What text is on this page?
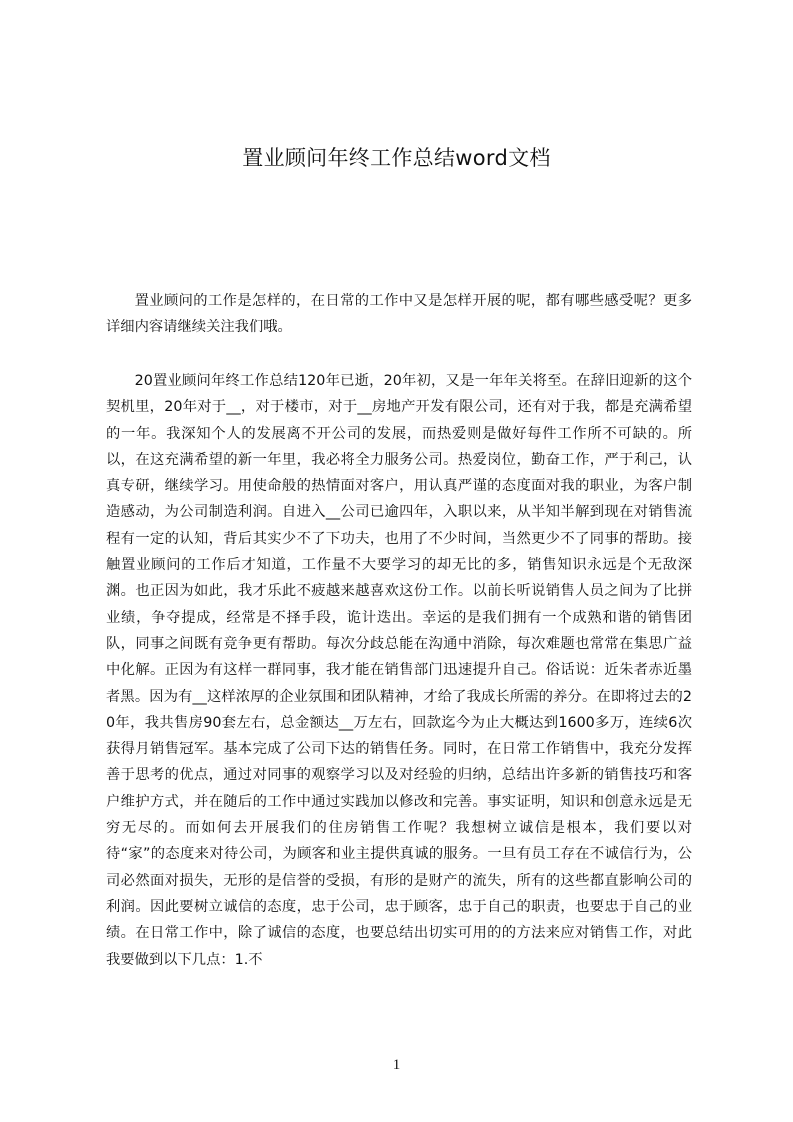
置业顾问年终工作总结word文档

置业顾问的工作是怎样的，在日常的工作中又是怎样开展的呢，都有哪些感受呢？更多详细内容请继续关注我们哦。

20置业顾问年终工作总结120年已逝，20年初，又是一年年关将至。在辞旧迎新的这个契机里，20年对于__，对于楼市，对于__房地产开发有限公司，还有对于我，都是充满希望的一年。我深知个人的发展离不开公司的发展，而热爱则是做好每件工作所不可缺的。所以，在这充满希望的新一年里，我必将全力服务公司。热爱岗位，勤奋工作，严于利己，认真专研，继续学习。用使命般的热情面对客户，用认真严谨的态度面对我的职业，为客户制造感动，为公司制造利润。自进入__公司已逾四年，入职以来，从半知半解到现在对销售流程有一定的认知，背后其实少不了下功夫，也用了不少时间，当然更少不了同事的帮助。接触置业顾问的工作后才知道，工作量不大要学习的却无比的多，销售知识永远是个无敌深渊。也正因为如此，我才乐此不疲越来越喜欢这份工作。以前长听说销售人员之间为了比拼业绩，争夺提成，经常是不择手段，诡计迭出。幸运的是我们拥有一个成熟和谐的销售团队，同事之间既有竞争更有帮助。每次分歧总能在沟通中消除，每次难题也常常在集思广益中化解。正因为有这样一群同事，我才能在销售部门迅速提升自己。俗话说：近朱者赤近墨者黑。因为有__这样浓厚的企业氛围和团队精神，才给了我成长所需的养分。在即将过去的20年，我共售房90套左右，总金额达__万左右，回款迄今为止大概达到1600多万，连续6次获得月销售冠军。基本完成了公司下达的销售任务。同时，在日常工作销售中，我充分发挥善于思考的优点，通过对同事的观察学习以及对经验的归纳，总结出许多新的销售技巧和客户维护方式，并在随后的工作中通过实践加以修改和完善。事实证明，知识和创意永远是无穷无尽的。而如何去开展我们的住房销售工作呢？我想树立诚信是根本，我们要以对待“家”的态度来对待公司，为顾客和业主提供真诚的服务。一旦有员工存在不诚信行为，公司必然面对损失，无形的是信誉的受损，有形的是财产的流失，所有的这些都直影响公司的利润。因此要树立诚信的态度，忠于公司，忠于顾客，忠于自己的职责，也要忠于自己的业绩。在日常工作中，除了诚信的态度，也要总结出切实可用的的方法来应对销售工作，对此我要做到以下几点：1.不

1
